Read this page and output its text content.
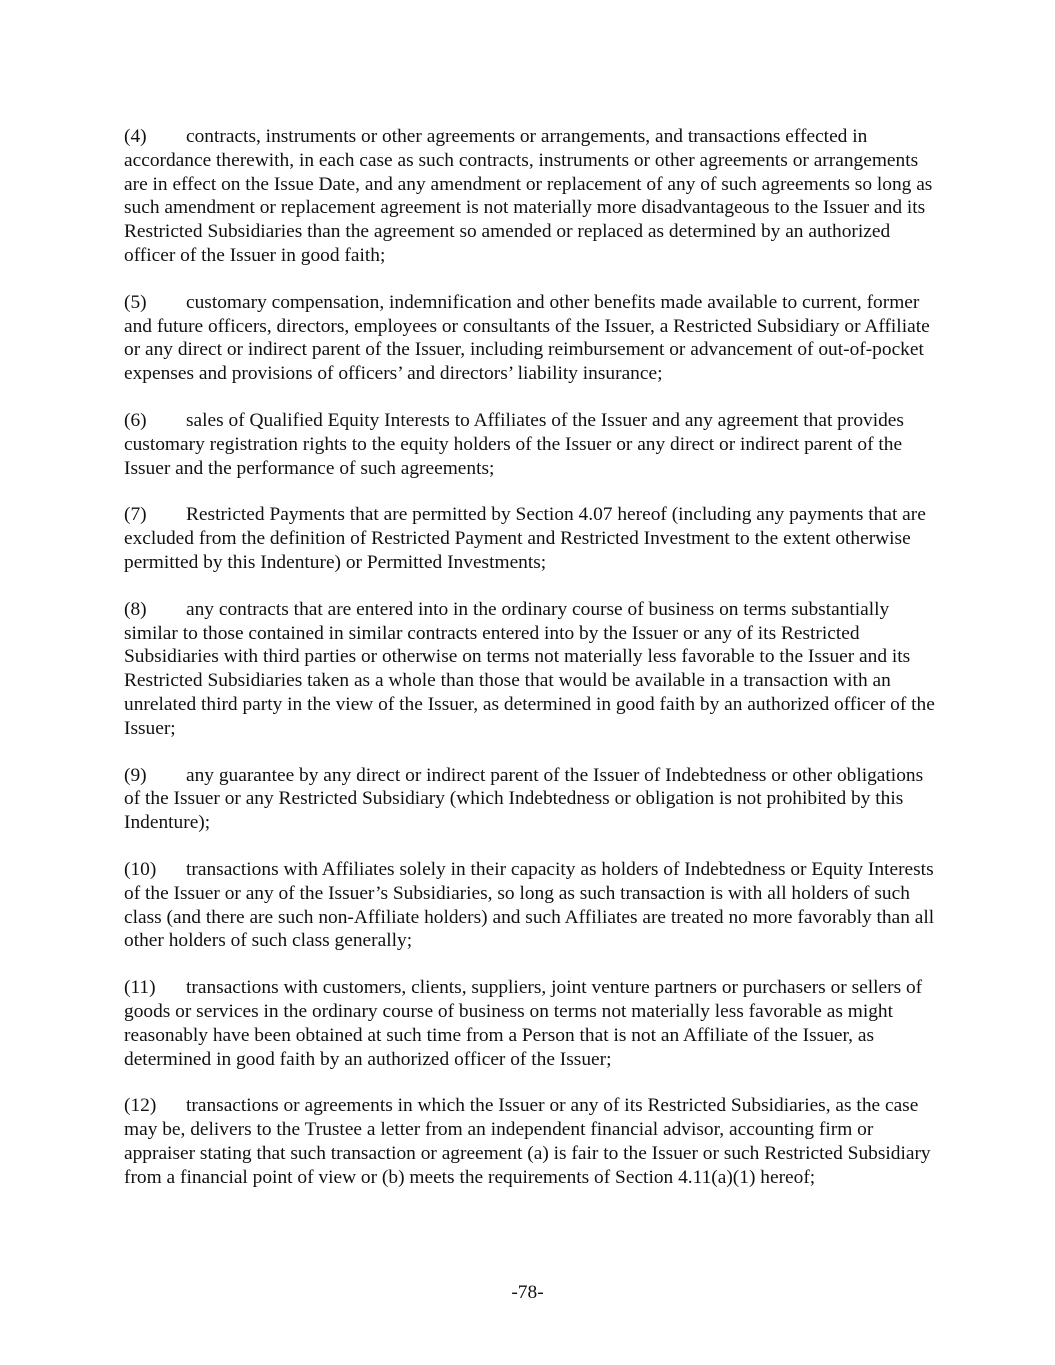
(4) contracts, instruments or other agreements or arrangements, and transactions effected in accordance therewith, in each case as such contracts, instruments or other agreements or arrangements are in effect on the Issue Date, and any amendment or replacement of any of such agreements so long as such amendment or replacement agreement is not materially more disadvantageous to the Issuer and its Restricted Subsidiaries than the agreement so amended or replaced as determined by an authorized officer of the Issuer in good faith;

(5) customary compensation, indemnification and other benefits made available to current, former and future officers, directors, employees or consultants of the Issuer, a Restricted Subsidiary or Affiliate or any direct or indirect parent of the Issuer, including reimbursement or advancement of out-of-pocket expenses and provisions of officers’ and directors’ liability insurance;

(6) sales of Qualified Equity Interests to Affiliates of the Issuer and any agreement that provides customary registration rights to the equity holders of the Issuer or any direct or indirect parent of the Issuer and the performance of such agreements;

(7) Restricted Payments that are permitted by Section 4.07 hereof (including any payments that are excluded from the definition of Restricted Payment and Restricted Investment to the extent otherwise permitted by this Indenture) or Permitted Investments;

(8) any contracts that are entered into in the ordinary course of business on terms substantially similar to those contained in similar contracts entered into by the Issuer or any of its Restricted Subsidiaries with third parties or otherwise on terms not materially less favorable to the Issuer and its Restricted Subsidiaries taken as a whole than those that would be available in a transaction with an unrelated third party in the view of the Issuer, as determined in good faith by an authorized officer of the Issuer;

(9) any guarantee by any direct or indirect parent of the Issuer of Indebtedness or other obligations of the Issuer or any Restricted Subsidiary (which Indebtedness or obligation is not prohibited by this Indenture);

(10) transactions with Affiliates solely in their capacity as holders of Indebtedness or Equity Interests of the Issuer or any of the Issuer’s Subsidiaries, so long as such transaction is with all holders of such class (and there are such non-Affiliate holders) and such Affiliates are treated no more favorably than all other holders of such class generally;

(11) transactions with customers, clients, suppliers, joint venture partners or purchasers or sellers of goods or services in the ordinary course of business on terms not materially less favorable as might reasonably have been obtained at such time from a Person that is not an Affiliate of the Issuer, as determined in good faith by an authorized officer of the Issuer;

(12) transactions or agreements in which the Issuer or any of its Restricted Subsidiaries, as the case may be, delivers to the Trustee a letter from an independent financial advisor, accounting firm or appraiser stating that such transaction or agreement (a) is fair to the Issuer or such Restricted Subsidiary from a financial point of view or (b) meets the requirements of Section 4.11(a)(1) hereof;

-78-
